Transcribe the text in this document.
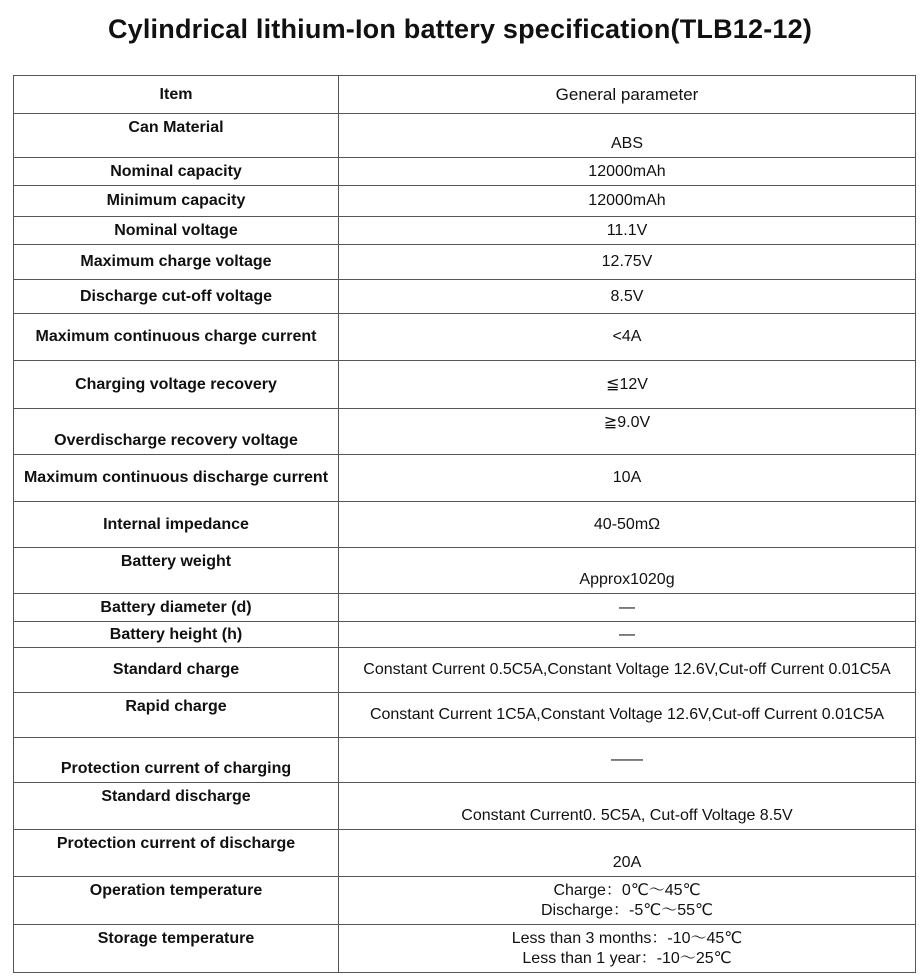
Cylindrical lithium-Ion battery specification(TLB12-12)
Item	General parameter
Can Material	ABS
Nominal capacity	12000mAh
Minimum capacity	12000mAh
Nominal voltage	11.1V
Maximum charge voltage	12.75V
Discharge cut-off voltage	8.5V
Maximum continuous charge current	<4A
Charging voltage recovery	≦12V
Overdischarge recovery voltage	≧9.0V
Maximum continuous discharge current	10A
Internal impedance	40-50mΩ
Battery weight	Approx1020g
Battery diameter (d)	—
Battery height (h)	—
Standard charge	Constant Current 0.5C5A,Constant Voltage 12.6V,Cut-off Current 0.01C5A
Rapid charge	Constant Current 1C5A,Constant Voltage 12.6V,Cut-off Current 0.01C5A
Protection current of charging	——
Standard discharge	Constant Current0. 5C5A, Cut-off Voltage 8.5V
Protection current of discharge	20A
Operation temperature	Charge：0℃～45℃
Discharge：-5℃～55℃

Storage temperature	Less than 3 months：-10～45℃
Less than 1 year：-10～25℃
